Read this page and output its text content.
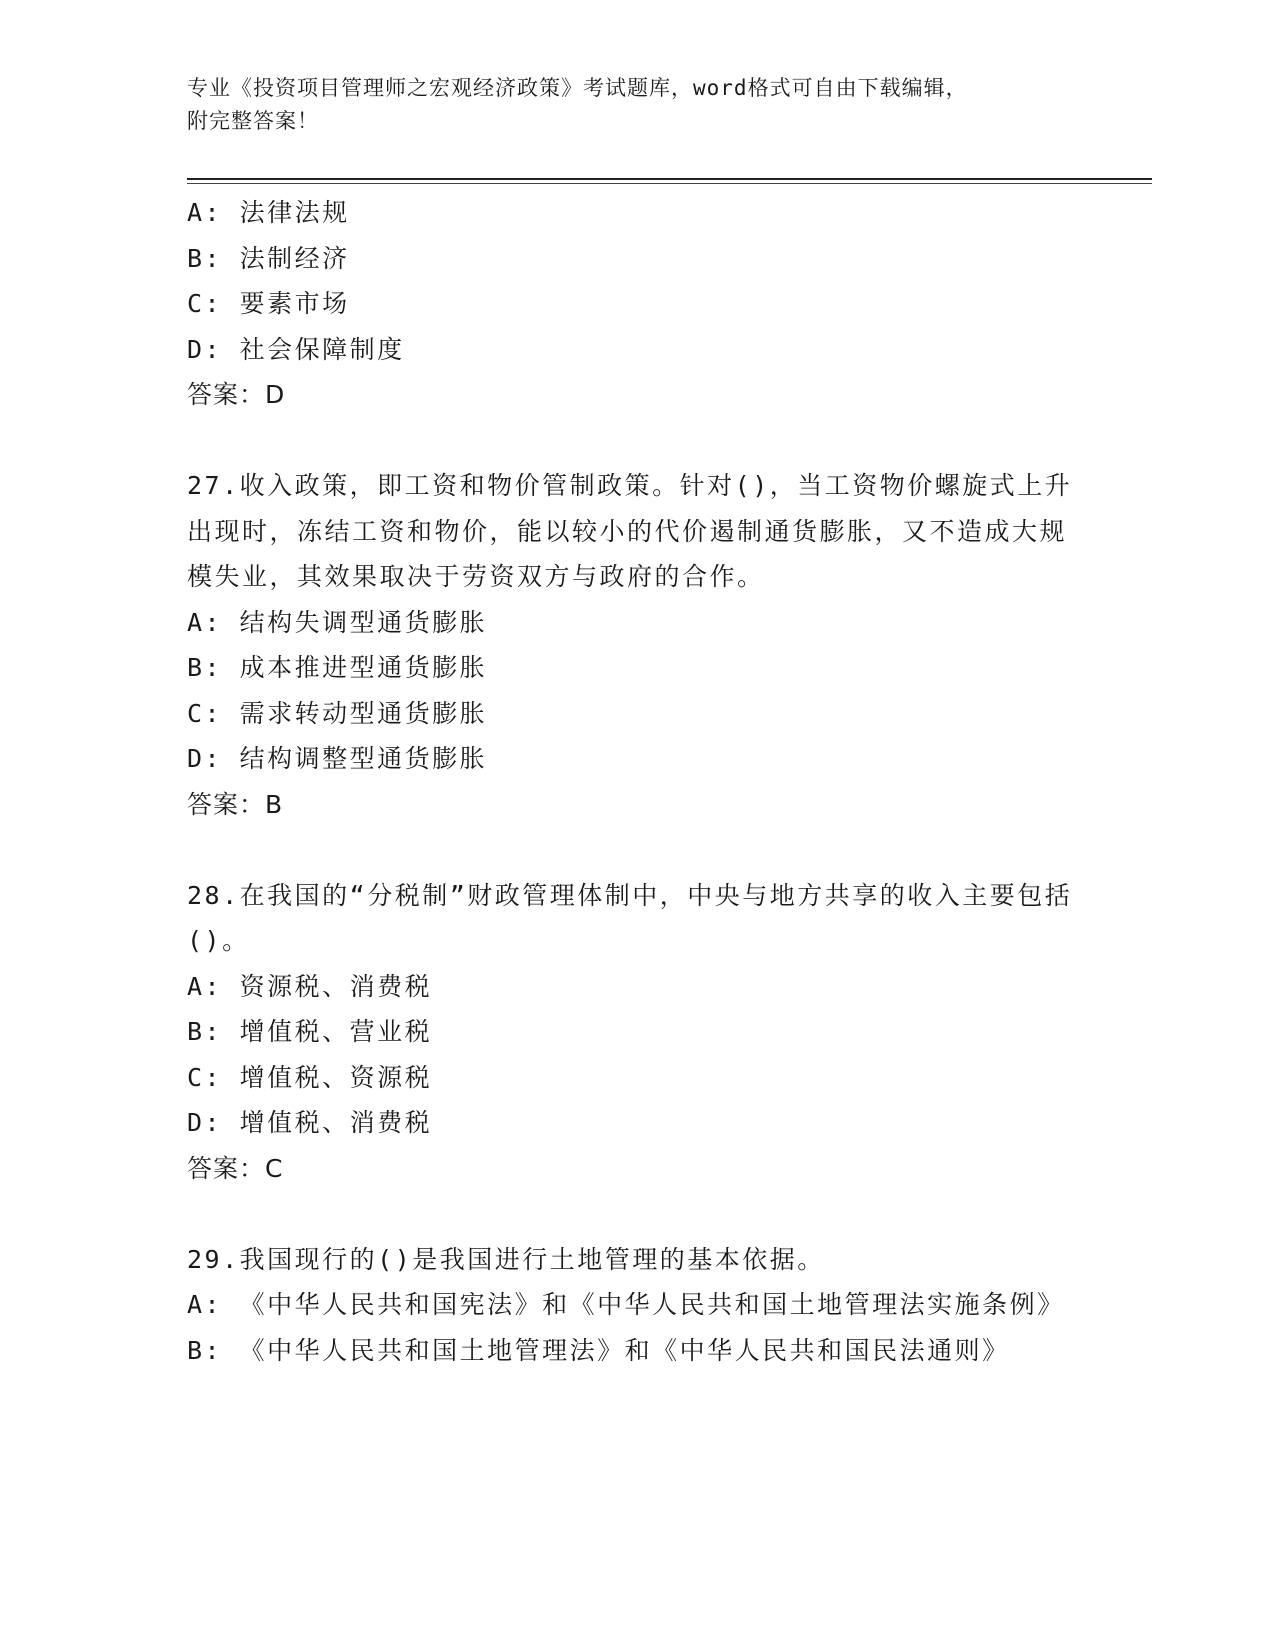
专业《投资项目管理师之宏观经济政策》考试题库，word格式可自由下载编辑，
附完整答案！
A: 法律法规
B: 法制经济
C: 要素市场
D: 社会保障制度
答案：D
27.收入政策，即工资和物价管制政策。针对()，当工资物价螺旋式上升出现时，冻结工资和物价，能以较小的代价遏制通货膨胀，又不造成大规模失业，其效果取决于劳资双方与政府的合作。
A: 结构失调型通货膨胀
B: 成本推进型通货膨胀
C: 需求转动型通货膨胀
D: 结构调整型通货膨胀
答案：B
28.在我国的“分税制”财政管理体制中，中央与地方共享的收入主要包括()。
A: 资源税、消费税
B: 增值税、营业税
C: 增值税、资源税
D: 增值税、消费税
答案：C
29.我国现行的()是我国进行土地管理的基本依据。
A: 《中华人民共和国宪法》和《中华人民共和国土地管理法实施条例》
B: 《中华人民共和国土地管理法》和《中华人民共和国民法通则》
